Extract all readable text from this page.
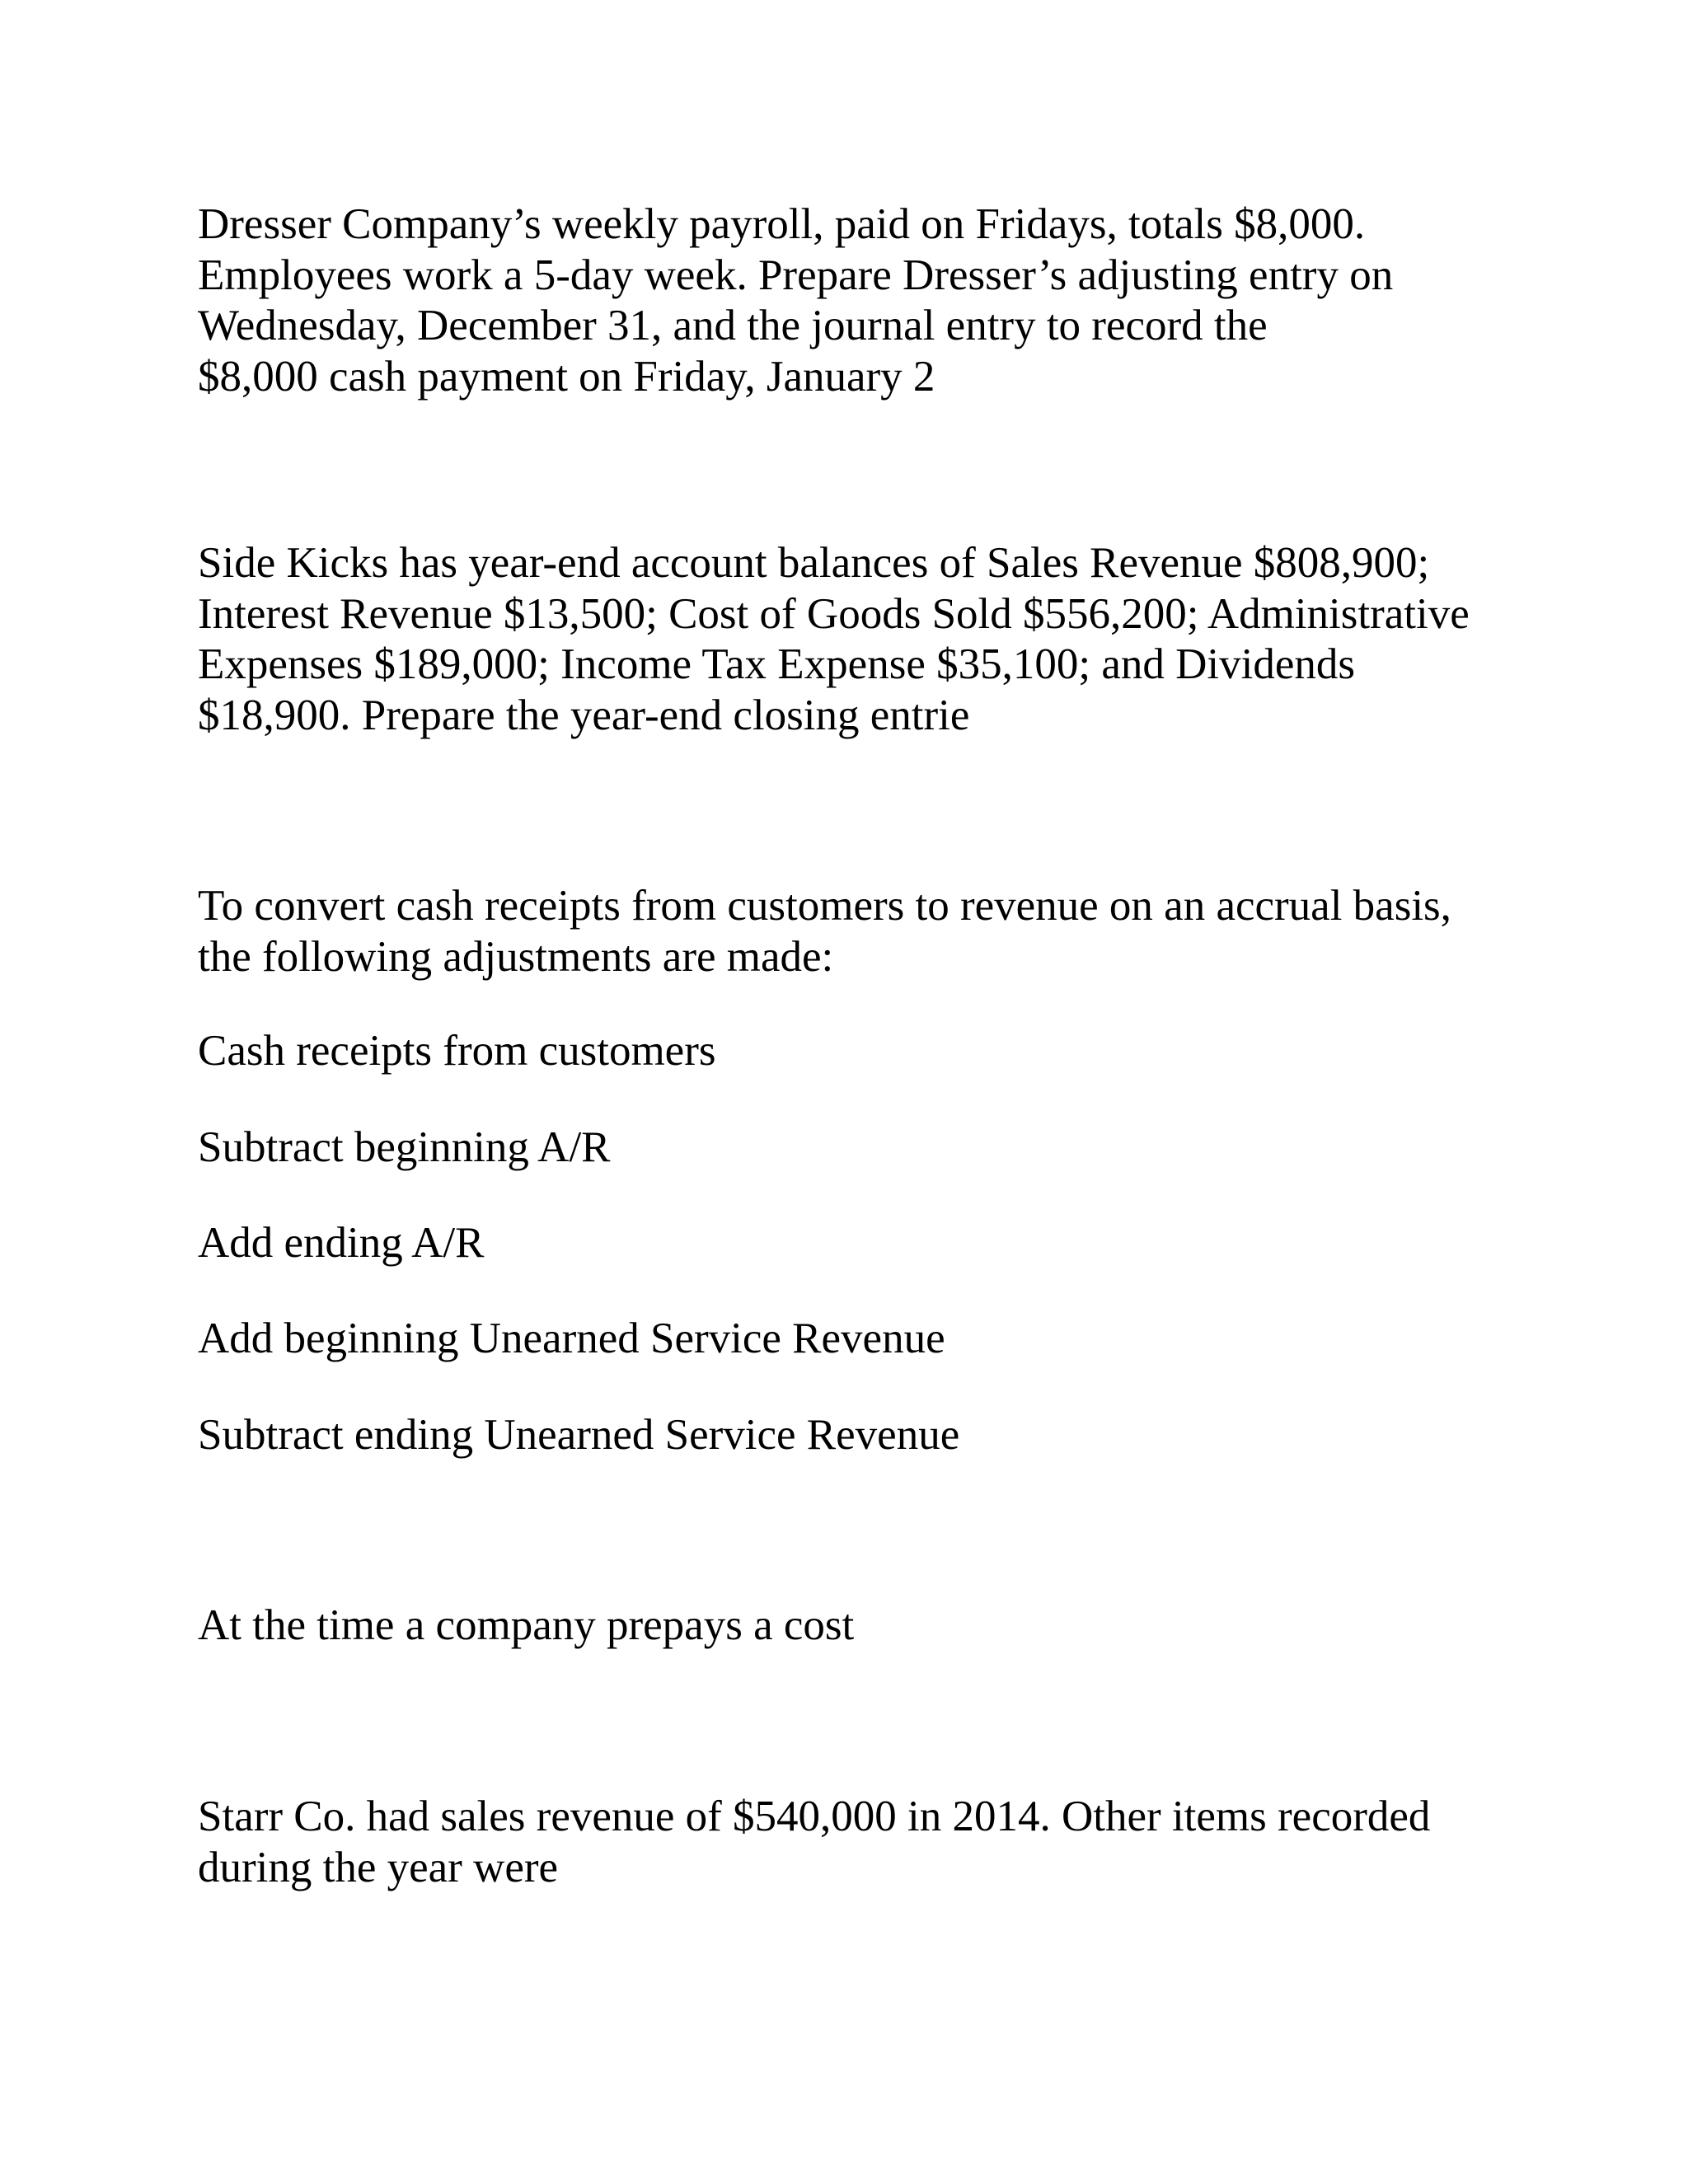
Dresser Company’s weekly payroll, paid on Fridays, totals $8,000.
Employees work a 5-day week. Prepare Dresser’s adjusting entry on
Wednesday, December 31, and the journal entry to record the
$8,000 cash payment on Friday, January 2
Side Kicks has year-end account balances of Sales Revenue $808,900;
Interest Revenue $13,500; Cost of Goods Sold $556,200; Administrative
Expenses $189,000; Income Tax Expense $35,100; and Dividends
$18,900. Prepare the year-end closing entrie
To convert cash receipts from customers to revenue on an accrual basis,
the following adjustments are made:
Cash receipts from customers
Subtract beginning A/R
Add ending A/R
Add beginning Unearned Service Revenue
Subtract ending Unearned Service Revenue
At the time a company prepays a cost
Starr Co. had sales revenue of $540,000 in 2014. Other items recorded
during the year were
